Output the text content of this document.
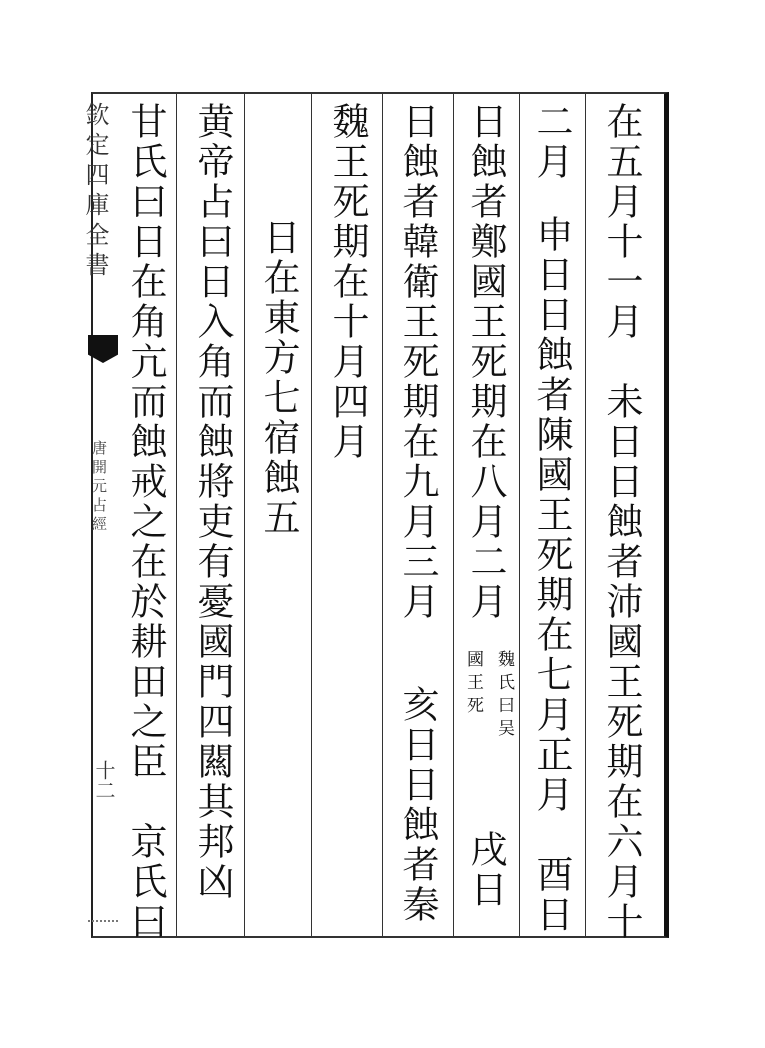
欽定四庫全書
唐開元占經
十二	在五月十一月　未日日蝕者沛國王死期在六月十
二月
申日日蝕者陳國王死期在七月正月　酉日
日蝕者鄭國王死期在八月二月
魏氏曰吴
國王死
戌日
日蝕者韓衛王死期在九月三月
亥日日蝕者秦
魏王死期在十月四月
日在東方七宿蝕五
黄帝占曰日入角而蝕將吏有憂國門四闗其邦凶
甘氏曰日在角亢而蝕戒之在於耕田之臣　京氏曰
